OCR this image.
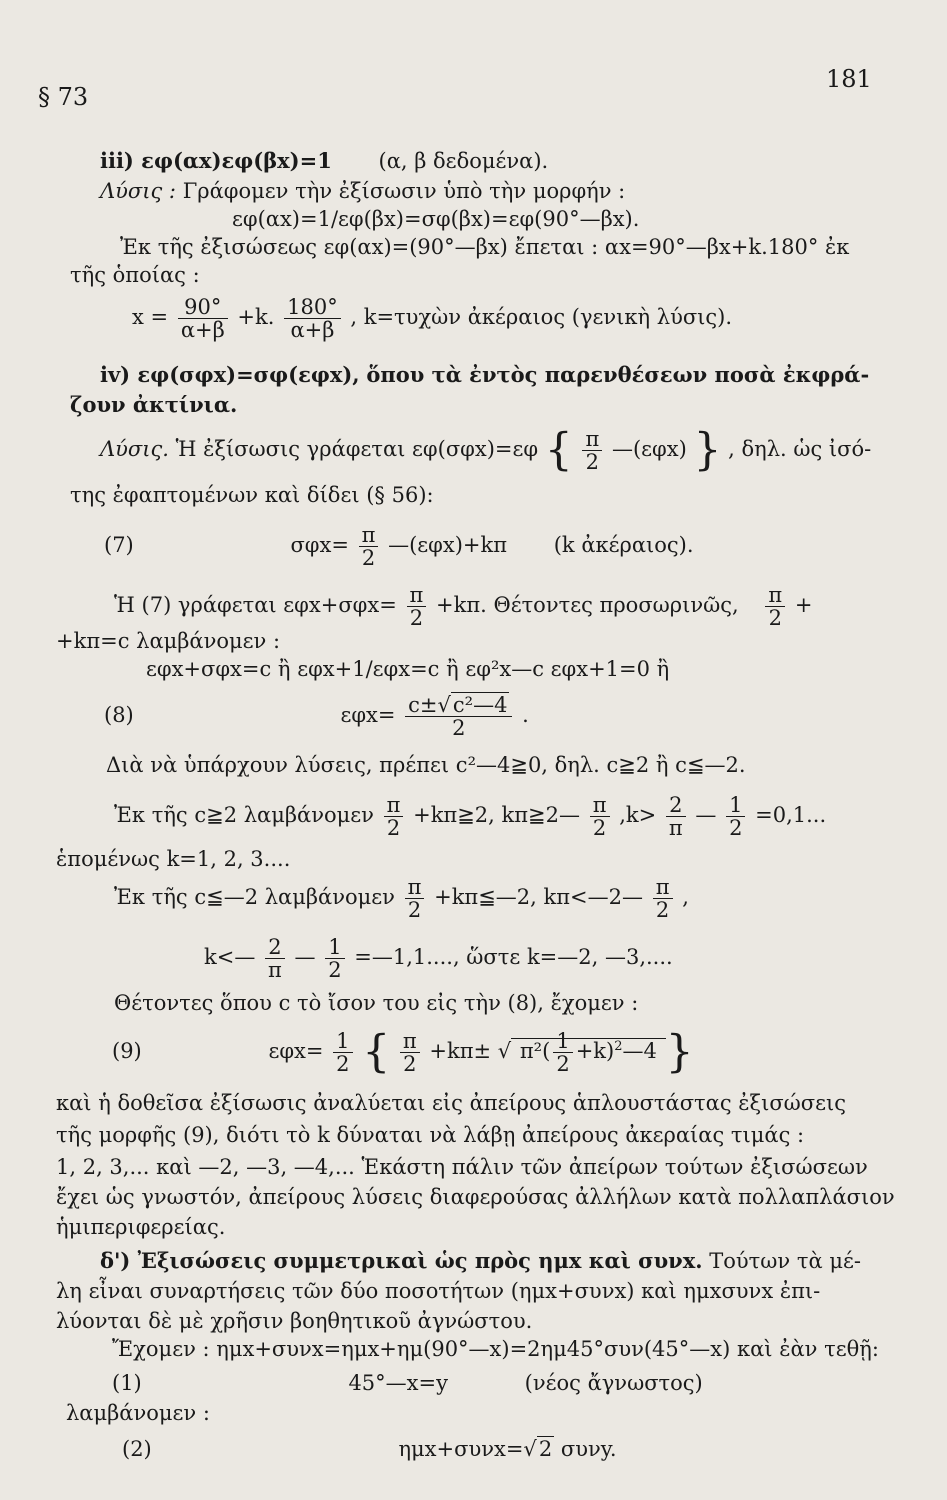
§ 73
181
iii) εφ(αx)εφ(βx)=1 (α, β δεδομένα).
Λύσις : Γράφομεν τὴν ἐξίσωσιν ὑπὸ τὴν μορφήν :
εφ(αx)=1/εφ(βx)=σφ(βx)=εφ(90°—βx).
Ἐκ τῆς ἐξισώσεως εφ(αx)=(90°—βx) ἔπεται : αx=90°—βx+k.180° ἐκ
τῆς ὁποίας :
$x = \frac{90^\circ}{\alpha+\beta} +k$. $\frac{180^\circ}{\alpha+\beta}$ , k=τυχὼν ἀκέραιος (γενικὴ λύσις).
iv) εφ(σφx)=σφ(εφx), ὅπου τὰ ἐντὸς παρενθέσεων ποσὰ ἐκφρά-
ζουν ἀκτίνια.
Λύσις. Ἡ ἐξίσωσις γράφεται εφ(σφx)=εφ { $\frac{\pi}{2}$ —(εφx) } , δηλ. ὡς ἰσό-
της ἐφαπτομένων καὶ δίδει (§ 56):
(7)	$\sigma\varphi x= \frac{\pi}{2}$ —(εφx)+kπ (k ἀκέραιος).
Ἡ (7) γράφεται $\varepsilon\varphi x+\sigma\varphi x= \frac{\pi}{2} +k\pi$. Θέτοντες προσωρινῶς, $\frac{\pi}{2}$ +
+kπ=c λαμβάνομεν :
εφx+σφx=c ἢ εφx+1/εφx=c ἢ εφ²x—c εφx+1=0 ἢ
(8)	$\varepsilon\varphi x= \frac{\text{c±√c²—4}}{2}$ .
Διὰ νὰ ὑπάρχουν λύσεις, πρέπει c²—4≧0, δηλ. c≧2 ἢ c≦—2.
Ἐκ τῆς c≧2 λαμβάνομεν $\frac{\pi}{2}$ +kπ≧2, kπ≧2— $\frac{\pi}{2} ,k> \frac{2}{\pi}$ — $\frac{1}{2} =0,1$...
ἑπομένως k=1, 2, 3....
Ἐκ τῆς c≦—2 λαμβάνομεν $\frac{\pi}{2}$ +kπ≦—2, kπ<—2— $\frac{\pi}{2}$ ,
k<— $\frac{2}{\pi}$ — $\frac{1}{2}$ =—1,1...., ὥστε k=—2, —3,....
Θέτοντες ὅπου c τὸ ἴσον του εἰς τὴν (8), ἔχομεν :
(9)	$\varepsilon\varphi x= \frac{1}{2}$ { $\frac{\pi}{2} +k\pi\pm$ √ $\pi^2( \frac{1}{2}$ $+k)^2—4$ }
καὶ ἡ δοθεῖσα ἐξίσωσις ἀναλύεται εἰς ἀπείρους ἁπλουστάστας ἐξισώσεις
τῆς μορφῆς (9), διότι τὸ k δύναται νὰ λάβῃ ἀπείρους ἀκεραίας τιμάς :
1, 2, 3,... καὶ —2, —3, —4,... Ἑκάστη πάλιν τῶν ἀπείρων τούτων ἐξισώσεων
ἔχει ὡς γνωστόν, ἀπείρους λύσεις διαφερούσας ἀλλήλων κατὰ πολλαπλάσιον
ἡμιπεριφερείας.
δ') Ἐξισώσεις συμμετρικαὶ ὡς πρὸς ημx καὶ συνx. Τούτων τὰ μέ-
λη εἶναι συναρτήσεις τῶν δύο ποσοτήτων (ημx+συνx) καὶ ημxσυνx ἐπι-
λύονται δὲ μὲ χρῆσιν βοηθητικοῦ ἀγνώστου.
Ἔχομεν : ημx+συνx=ημx+ημ(90°—x)=2ημ45°συν(45°—x) καὶ ἐὰν τεθῇ:
(1)	45°—x=y	(νέος ἄγνωστος)
λαμβάνομεν :
(2)	ημx+συνx=√2 συνy.
